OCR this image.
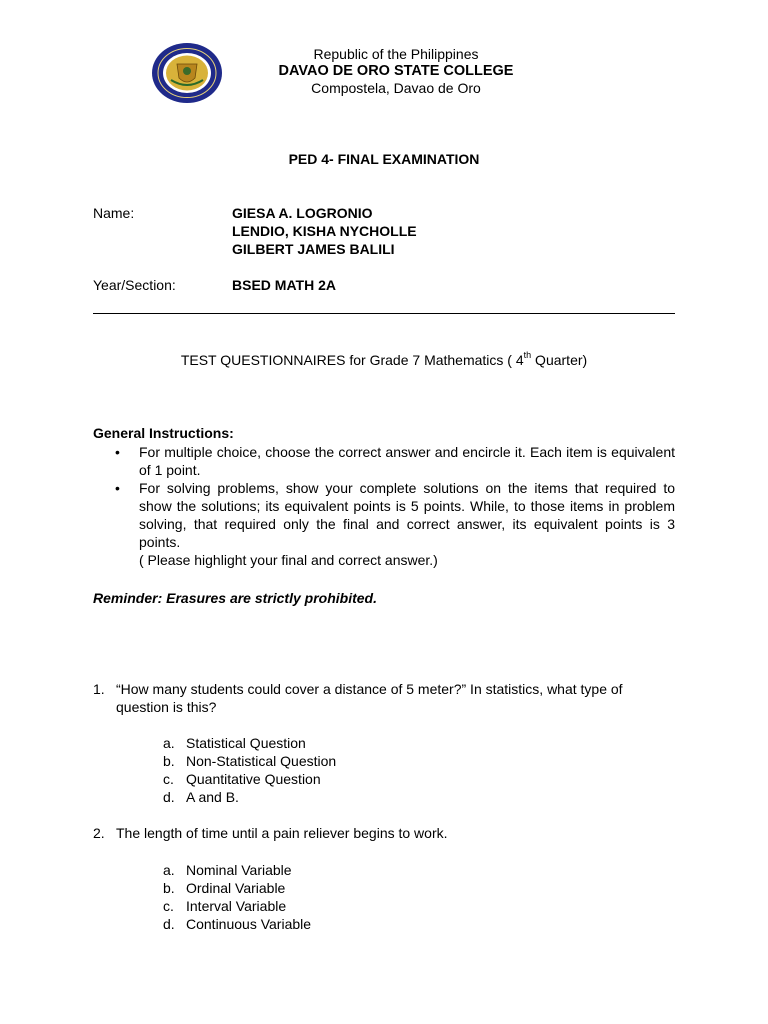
Republic of the Philippines
DAVAO DE ORO STATE COLLEGE
Compostela, Davao de Oro
PED 4- FINAL EXAMINATION
Name:	GIESA A. LOGRONIO
LENDIO, KISHA NYCHOLLE
GILBERT JAMES BALILI
Year/Section:	BSED MATH 2A
TEST QUESTIONNAIRES for Grade 7 Mathematics ( 4th Quarter)
General Instructions:
• For multiple choice, choose the correct answer and encircle it. Each item is equivalent of 1 point.
• For solving problems, show your complete solutions on the items that required to show the solutions; its equivalent points is 5 points. While, to those items in problem solving, that required only the final and correct answer, its equivalent points is 3 points.
( Please highlight your final and correct answer.)
Reminder: Erasures are strictly prohibited.
1. “How many students could cover a distance of 5 meter?” In statistics, what type of question is this?
a. Statistical Question
b. Non-Statistical Question
c. Quantitative Question
d. A and B.
2. The length of time until a pain reliever begins to work.
a. Nominal Variable
b. Ordinal Variable
c. Interval Variable
d. Continuous Variable
